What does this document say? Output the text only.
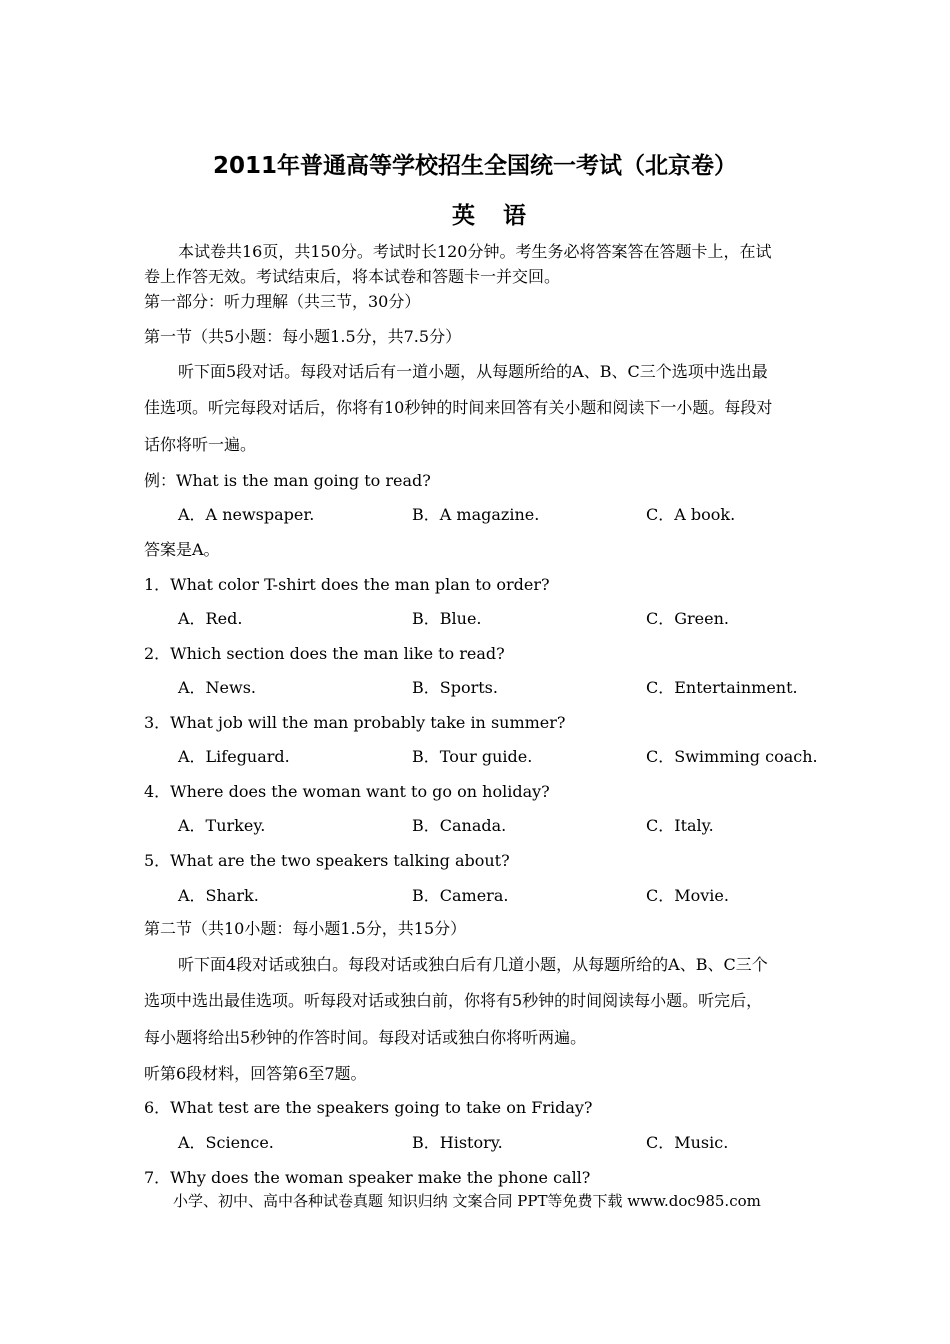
2011年普通高等学校招生全国统一考试（北京卷）
英语
本试卷共16页，共150分。考试时长120分钟。考生务必将答案答在答题卡上，在试
卷上作答无效。考试结束后，将本试卷和答题卡一并交回。
第一部分：听力理解（共三节，30分）
第一节（共5小题：每小题1.5分，共7.5分）
听下面5段对话。每段对话后有一道小题，从每题所给的A、B、C三个选项中选出最
佳选项。听完每段对话后，你将有10秒钟的时间来回答有关小题和阅读下一小题。每段对
话你将听一遍。
例：What is the man going to read?
A．A newspaper.	B．A magazine.	C．A book.
答案是A。
1．What color T-shirt does the man plan to order?
A．Red.	B．Blue.	C．Green.
2．Which section does the man like to read?
A．News.	B．Sports.	C．Entertainment.
3．What job will the man probably take in summer?
A．Lifeguard.	B．Tour guide.	C．Swimming coach.
4．Where does the woman want to go on holiday?
A．Turkey.	B．Canada.	C．Italy.
5．What are the two speakers talking about?
A．Shark.	B．Camera.	C．Movie.
第二节（共10小题：每小题1.5分，共15分）
听下面4段对话或独白。每段对话或独白后有几道小题，从每题所给的A、B、C三个
选项中选出最佳选项。听每段对话或独白前，你将有5秒钟的时间阅读每小题。听完后，
每小题将给出5秒钟的作答时间。每段对话或独白你将听两遍。
听第6段材料，回答第6至7题。
6．What test are the speakers going to take on Friday?
A．Science.	B．History.	C．Music.
7．Why does the woman speaker make the phone call?
小学、初中、高中各种试卷真题 知识归纳 文案合同 PPT等免费下载 www.doc985.com
